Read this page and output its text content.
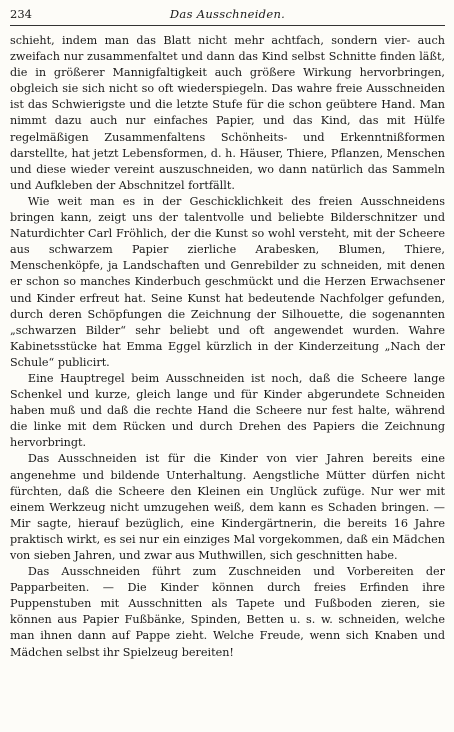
234	Das Ausschneiden.

schieht, indem man das Blatt nicht mehr achtfach, sondern vier- auch zweifach nur zusammenfaltet und dann das Kind selbst Schnitte finden läßt, die in größerer Mannigfaltigkeit auch größere Wirkung hervorbringen, obgleich sie sich nicht so oft wiederspiegeln. Das wahre freie Ausschneiden ist das Schwierigste und die letzte Stufe für die schon geübtere Hand. Man nimmt dazu auch nur einfaches Papier, und das Kind, das mit Hülfe regelmäßigen Zusammenfaltens Schönheits- und Erkenntnißformen darstellte, hat jetzt Lebensformen, d. h. Häuser, Thiere, Pflanzen, Menschen und diese wieder vereint auszuschneiden, wo dann natürlich das Sammeln und Aufkleben der Abschnitzel fortfällt.

Wie weit man es in der Geschicklichkeit des freien Ausschneidens bringen kann, zeigt uns der talentvolle und beliebte Bilderschnitzer und Naturdichter Carl Fröhlich, der die Kunst so wohl versteht, mit der Scheere aus schwarzem Papier zierliche Arabesken, Blumen, Thiere, Menschenköpfe, ja Landschaften und Genrebilder zu schneiden, mit denen er schon so manches Kinderbuch geschmückt und die Herzen Erwachsener und Kinder erfreut hat. Seine Kunst hat bedeutende Nachfolger gefunden, durch deren Schöpfungen die Zeichnung der Silhouette, die sogenannten „schwarzen Bilder“ sehr beliebt und oft angewendet wurden. Wahre Kabinetsstücke hat Emma Eggel kürzlich in der Kinderzeitung „Nach der Schule“ publicirt.

Eine Hauptregel beim Ausschneiden ist noch, daß die Scheere lange Schenkel und kurze, gleich lange und für Kinder abgerundete Schneiden haben muß und daß die rechte Hand die Scheere nur fest halte, während die linke mit dem Rücken und durch Drehen des Papiers die Zeichnung hervorbringt.

Das Ausschneiden ist für die Kinder von vier Jahren bereits eine angenehme und bildende Unterhaltung. Aengstliche Mütter dürfen nicht fürchten, daß die Scheere den Kleinen ein Unglück zufüge. Nur wer mit einem Werkzeug nicht umzugehen weiß, dem kann es Schaden bringen. — Mir sagte, hierauf bezüglich, eine Kindergärtnerin, die bereits 16 Jahre praktisch wirkt, es sei nur ein einziges Mal vorgekommen, daß ein Mädchen von sieben Jahren, und zwar aus Muthwillen, sich geschnitten habe.

Das Ausschneiden führt zum Zuschneiden und Vorbereiten der Papparbeiten. — Die Kinder können durch freies Erfinden ihre Puppenstuben mit Ausschnitten als Tapete und Fußboden zieren, sie können aus Papier Fußbänke, Spinden, Betten u. s. w. schneiden, welche man ihnen dann auf Pappe zieht. Welche Freude, wenn sich Knaben und Mädchen selbst ihr Spielzeug bereiten!
